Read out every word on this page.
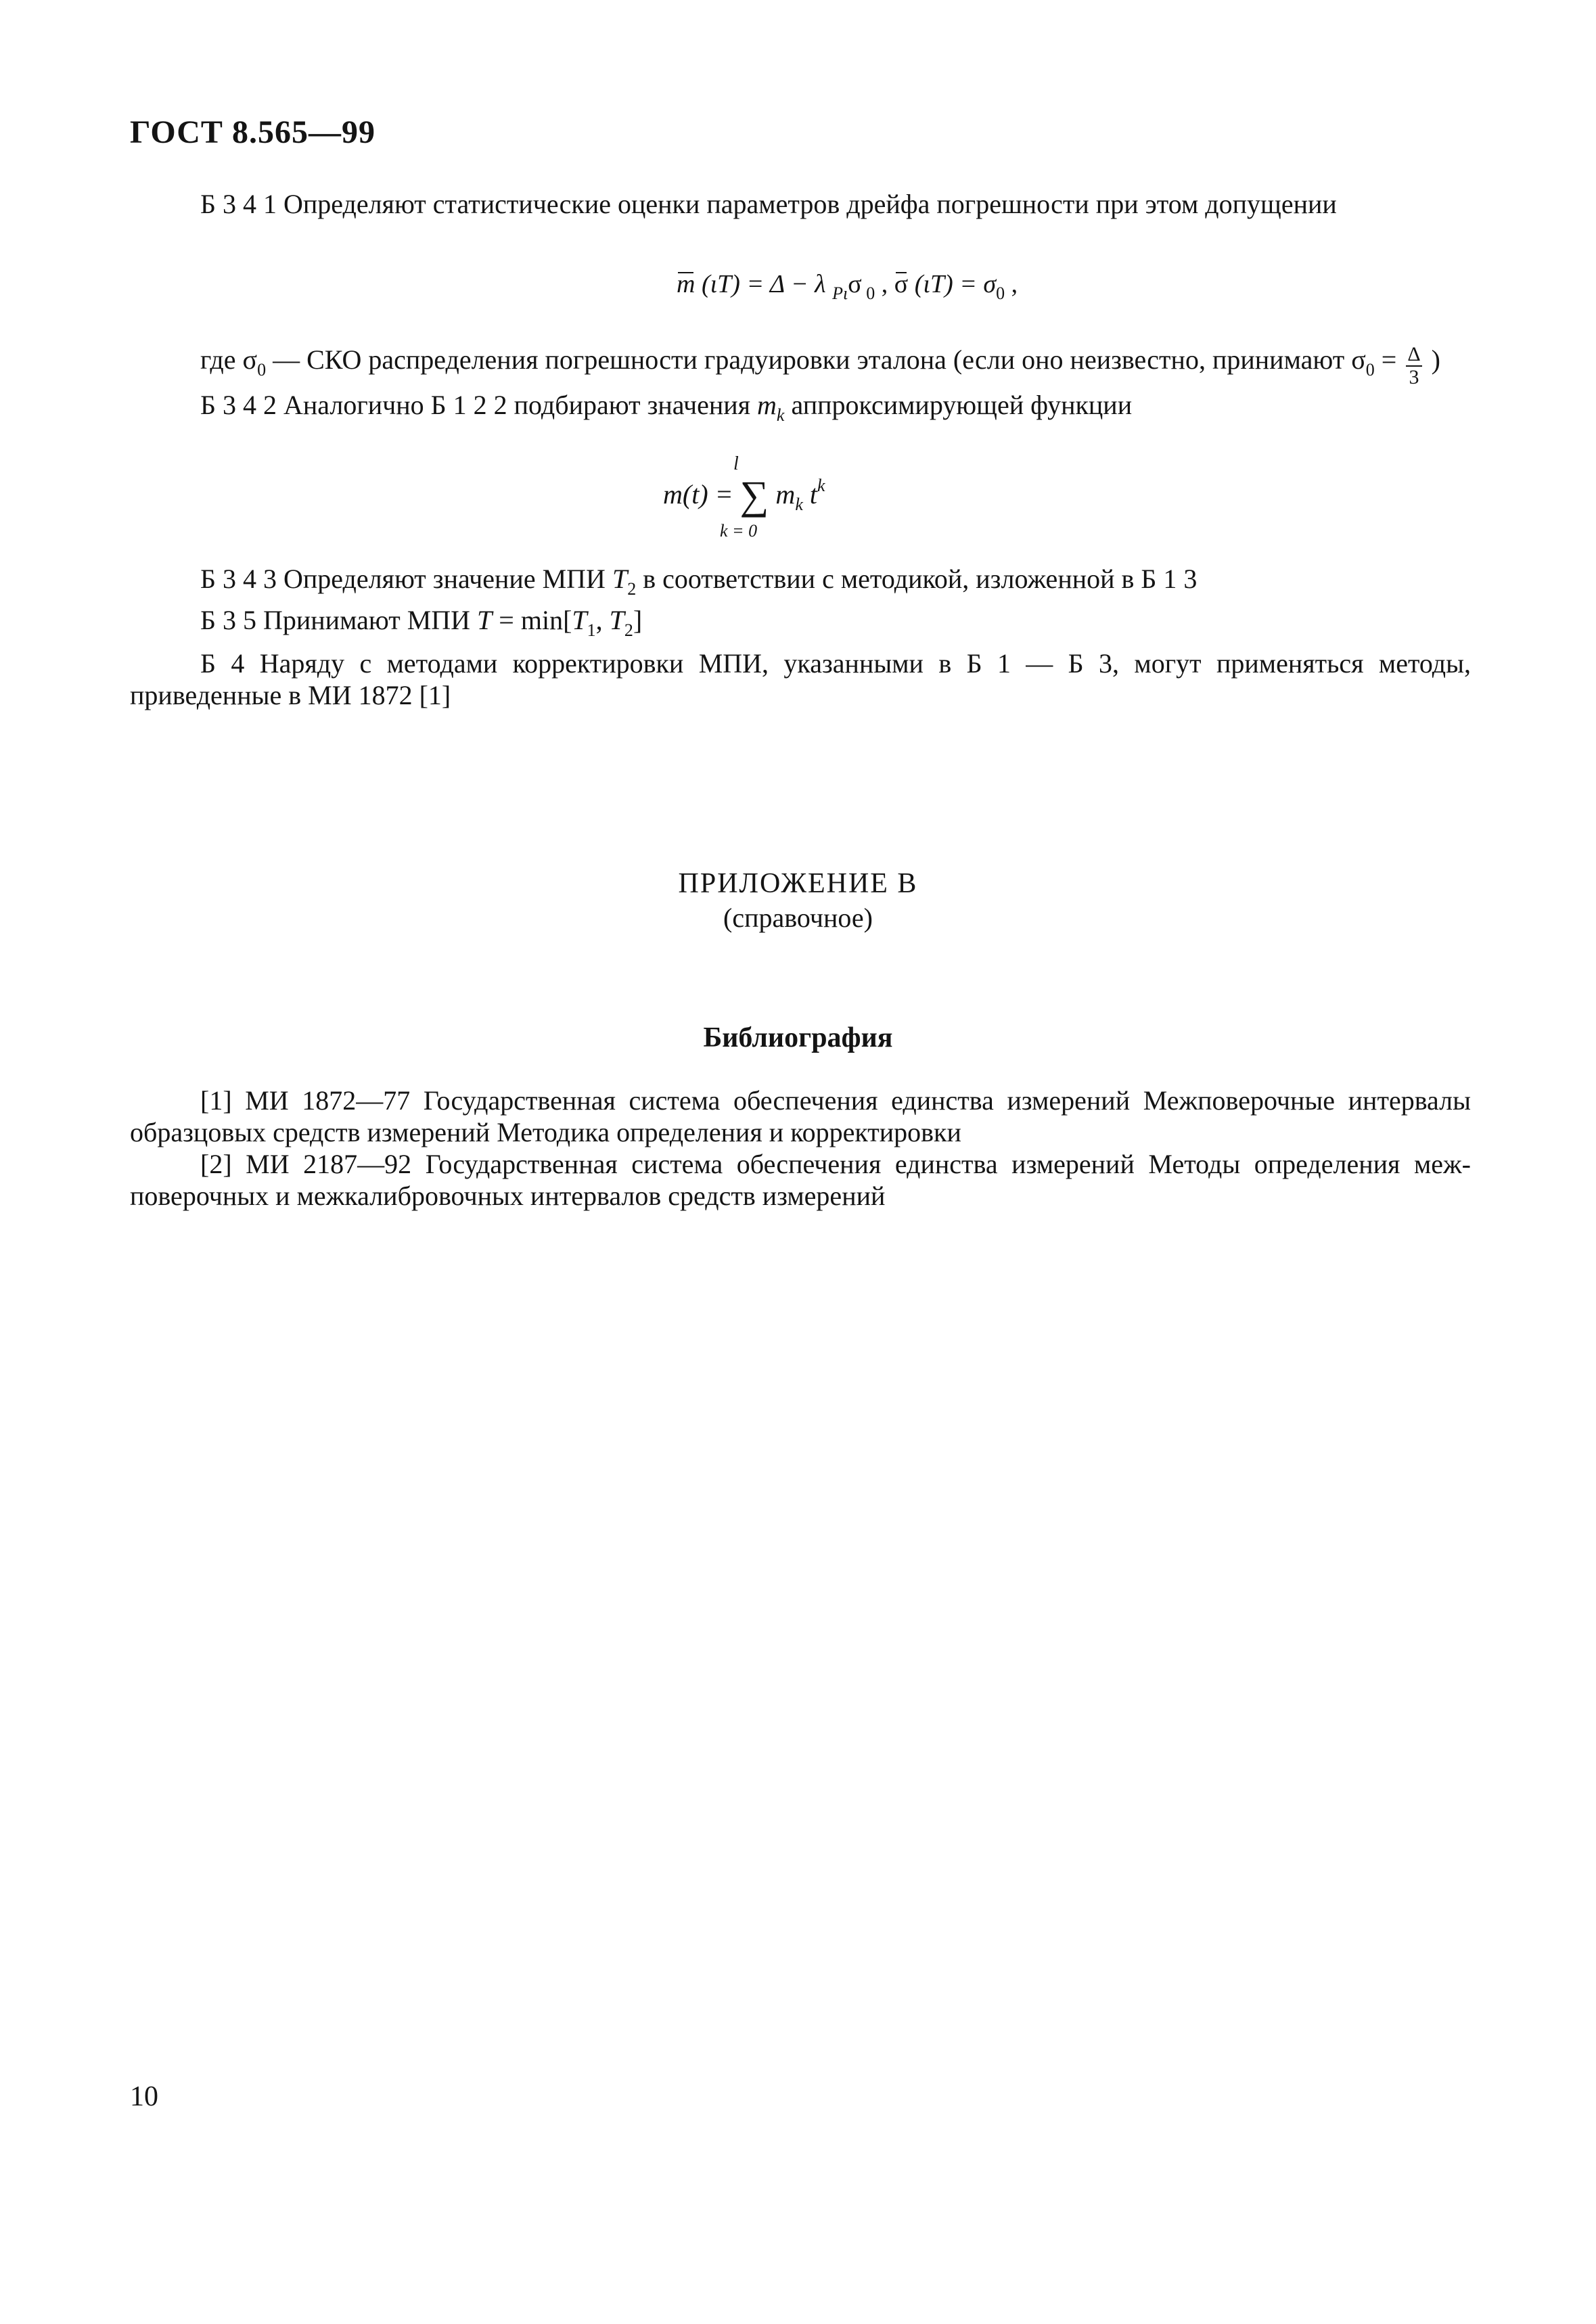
ГОСТ 8.565—99
Б 3 4 1 Определяют статистические оценки параметров дрейфа погрешности при этом допущении
m (ιT) = Δ − λ $_{P\iota}$σ $_0$ , σ $(\iota T) = \sigma_0$ ,
где $\sigma_0$ — СКО распределения погрешности градуировки эталона (если оно неизвестно, принимают $\sigma_0 = \frac{\Delta}{3}$ )
Б 3 4 2 Аналогично Б 1 2 2 подбирают значения $m_k$ аппроксимирующей функции
l
m(t) = ∑ $m_k$ $t^k$
k = 0
Б 3 4 3 Определяют значение МПИ $T_2$ в соответствии с методикой, изложенной в Б 1 3
Б 3 5 Принимают МПИ $T = \min[T_1$, $T_2$]
Б 4 Наряду с методами корректировки МПИ, указанными в Б 1 — Б 3, могут применяться методы,
приведенные в МИ 1872 [1]
ПРИЛОЖЕНИЕ В
(справочное)
Библиография
[1] МИ 1872—77 Государственная система обеспечения единства измерений Межповерочные интервалы
образцовых средств измерений Методика определения и корректировки
[2] МИ 2187—92 Государственная система обеспечения единства измерений Методы определения меж-
поверочных и межкалибровочных интервалов средств измерений
10
